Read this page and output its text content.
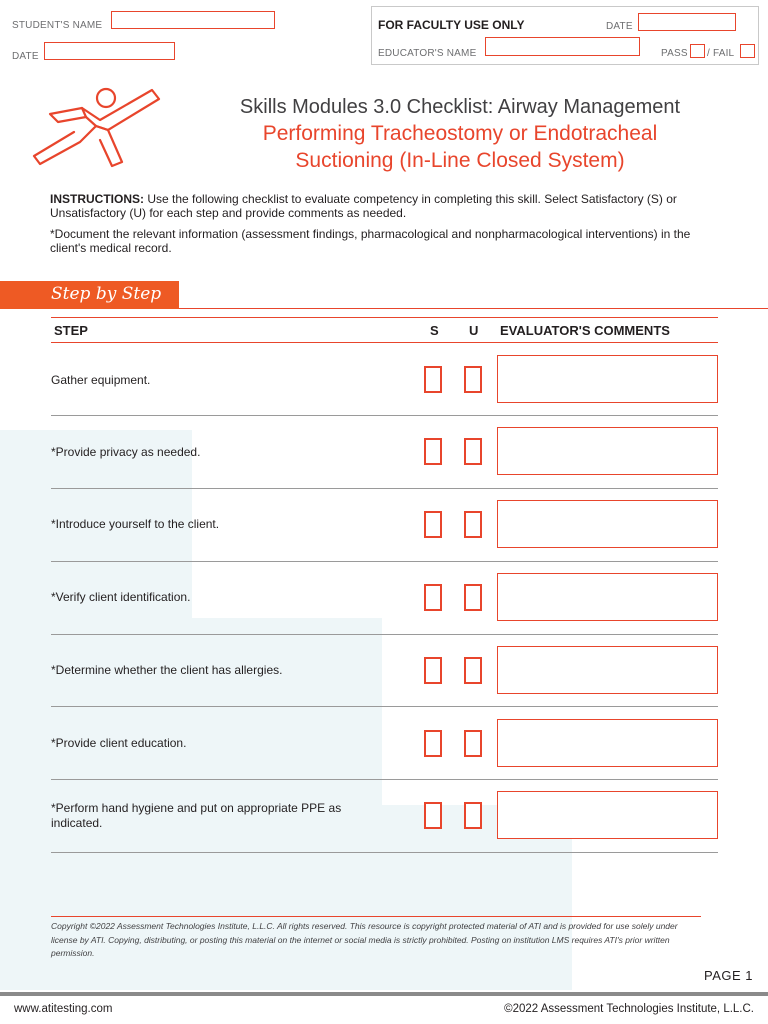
STUDENT'S NAME
DATE
FOR FACULTY USE ONLY	DATE
EDUCATOR'S NAME	PASS / FAIL
Skills Modules 3.0 Checklist: Airway Management
Performing Tracheostomy or Endotracheal
Suctioning (In-Line Closed System)
INSTRUCTIONS: Use the following checklist to evaluate competency in completing this skill. Select Satisfactory (S) or Unsatisfactory (U) for each step and provide comments as needed.
*Document the relevant information (assessment findings, pharmacological and nonpharmacological interventions) in the client's medical record.
Step by Step
STEP	S U EVALUATOR'S COMMENTS
Gather equipment.
*Provide privacy as needed.
*Introduce yourself to the client.
*Verify client identification.
*Determine whether the client has allergies.
*Provide client education.
*Perform hand hygiene and put on appropriate PPE as indicated.
Copyright ©2022 Assessment Technologies Institute, L.L.C. All rights reserved. This resource is copyright protected material of ATI and is provided for use solely under license by ATI. Copying, distributing, or posting this material on the internet or social media is strictly prohibited. Posting on institution LMS requires ATI's prior written permission.
PAGE 1
www.atitesting.com	©2022 Assessment Technologies Institute, L.L.C.
